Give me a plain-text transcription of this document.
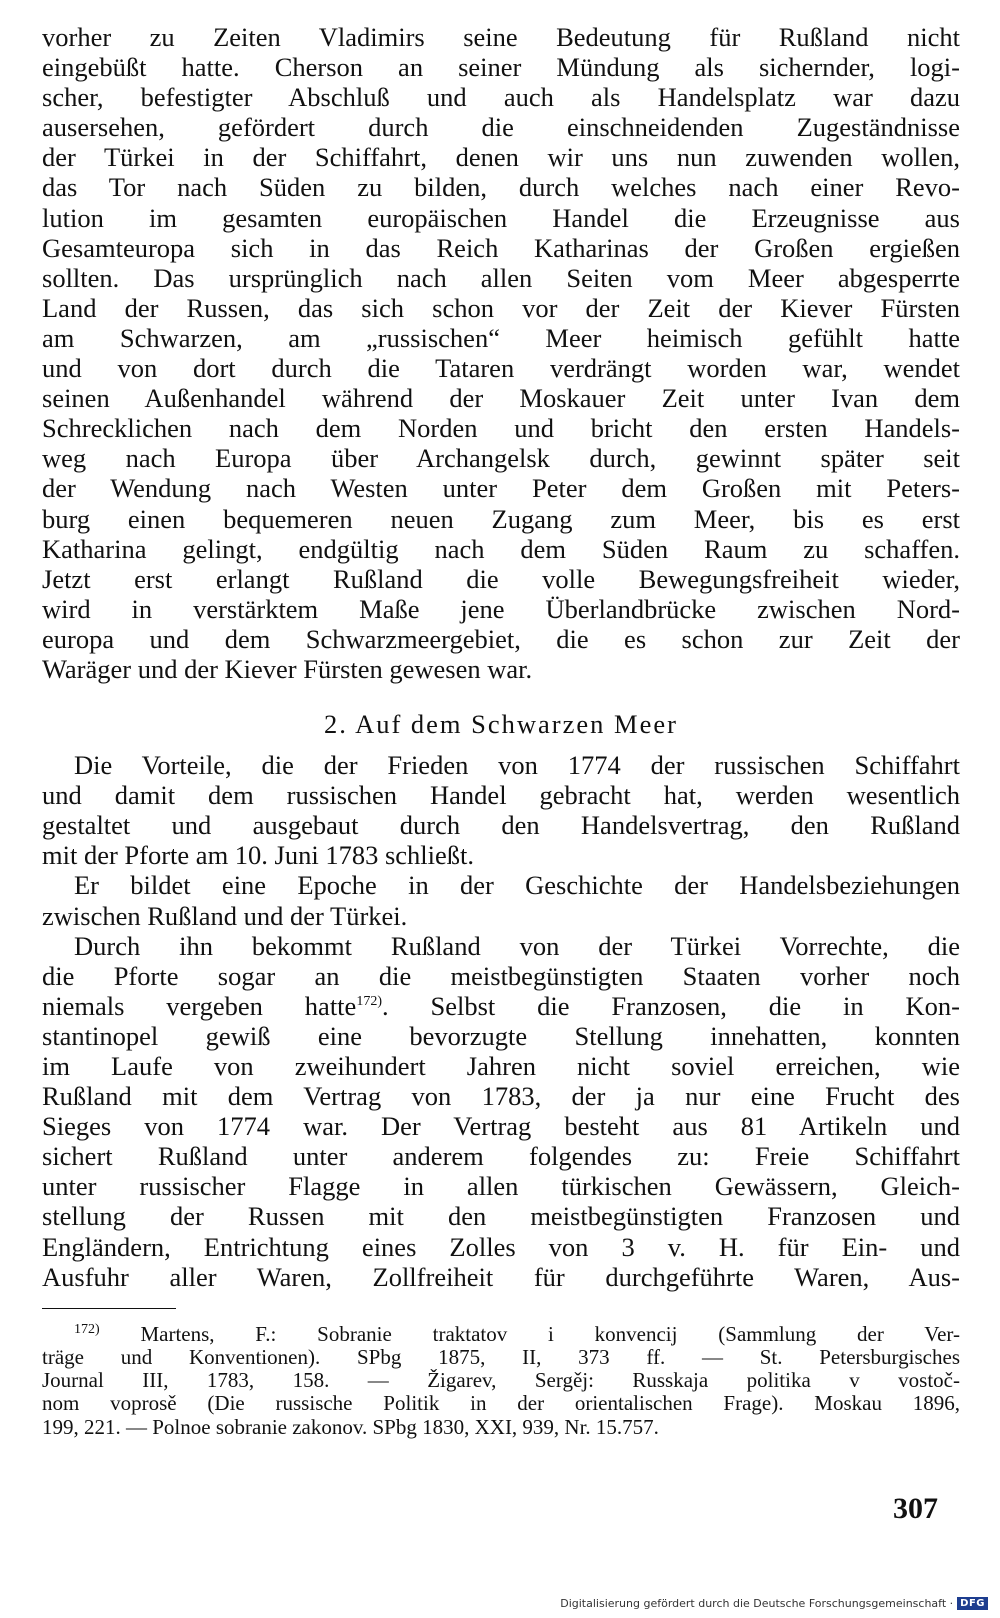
vorher zu Zeiten Vladimirs seine Bedeutung für Rußland nicht
eingebüßt hatte. Cherson an seiner Mündung als sichernder, logi-
scher, befestigter Abschluß und auch als Handelsplatz war dazu
ausersehen, gefördert durch die einschneidenden Zugeständnisse
der Türkei in der Schiffahrt, denen wir uns nun zuwenden wollen,
das Tor nach Süden zu bilden, durch welches nach einer Revo-
lution im gesamten europäischen Handel die Erzeugnisse aus
Gesamteuropa sich in das Reich Katharinas der Großen ergießen
sollten. Das ursprünglich nach allen Seiten vom Meer abgesperrte
Land der Russen, das sich schon vor der Zeit der Kiever Fürsten
am Schwarzen, am „russischen“ Meer heimisch gefühlt hatte
und von dort durch die Tataren verdrängt worden war, wendet
seinen Außenhandel während der Moskauer Zeit unter Ivan dem
Schrecklichen nach dem Norden und bricht den ersten Handels-
weg nach Europa über Archangelsk durch, gewinnt später seit
der Wendung nach Westen unter Peter dem Großen mit Peters-
burg einen bequemeren neuen Zugang zum Meer, bis es erst
Katharina gelingt, endgültig nach dem Süden Raum zu schaffen.
Jetzt erst erlangt Rußland die volle Bewegungsfreiheit wieder,
wird in verstärktem Maße jene Überlandbrücke zwischen Nord-
europa und dem Schwarzmeergebiet, die es schon zur Zeit der
Waräger und der Kiever Fürsten gewesen war.
2. Auf dem Schwarzen Meer
Die Vorteile, die der Frieden von 1774 der russischen Schiffahrt
und damit dem russischen Handel gebracht hat, werden wesentlich
gestaltet und ausgebaut durch den Handelsvertrag, den Rußland
mit der Pforte am 10. Juni 1783 schließt.
Er bildet eine Epoche in der Geschichte der Handelsbeziehungen
zwischen Rußland und der Türkei.
Durch ihn bekommt Rußland von der Türkei Vorrechte, die
die Pforte sogar an die meistbegünstigten Staaten vorher noch
niemals vergeben hatte$^{172)}$. Selbst die Franzosen, die in Kon-
stantinopel gewiß eine bevorzugte Stellung innehatten, konnten
im Laufe von zweihundert Jahren nicht soviel erreichen, wie
Rußland mit dem Vertrag von 1783, der ja nur eine Frucht des
Sieges von 1774 war. Der Vertrag besteht aus 81 Artikeln und
sichert Rußland unter anderem folgendes zu: Freie Schiffahrt
unter russischer Flagge in allen türkischen Gewässern, Gleich-
stellung der Russen mit den meistbegünstigten Franzosen und
Engländern, Entrichtung eines Zolles von 3 v. H. für Ein- und
Ausfuhr aller Waren, Zollfreiheit für durchgeführte Waren, Aus-
$^{172)}$ Martens, F.: Sobranie traktatov i konvencij (Sammlung der Ver-
träge und Konventionen). SPbg 1875, II, 373 ff. — St. Petersburgisches
Journal III, 1783, 158. — Žigarev, Sergěj: Russkaja politika v vostoč-
nom voprosě (Die russische Politik in der orientalischen Frage). Moskau 1896,
199, 221. — Polnoe sobranie zakonov. SPbg 1830, XXI, 939, Nr. 15.757.
307
Digitalisierung gefördert durch die Deutsche Forschungsgemeinschaft · DFG
